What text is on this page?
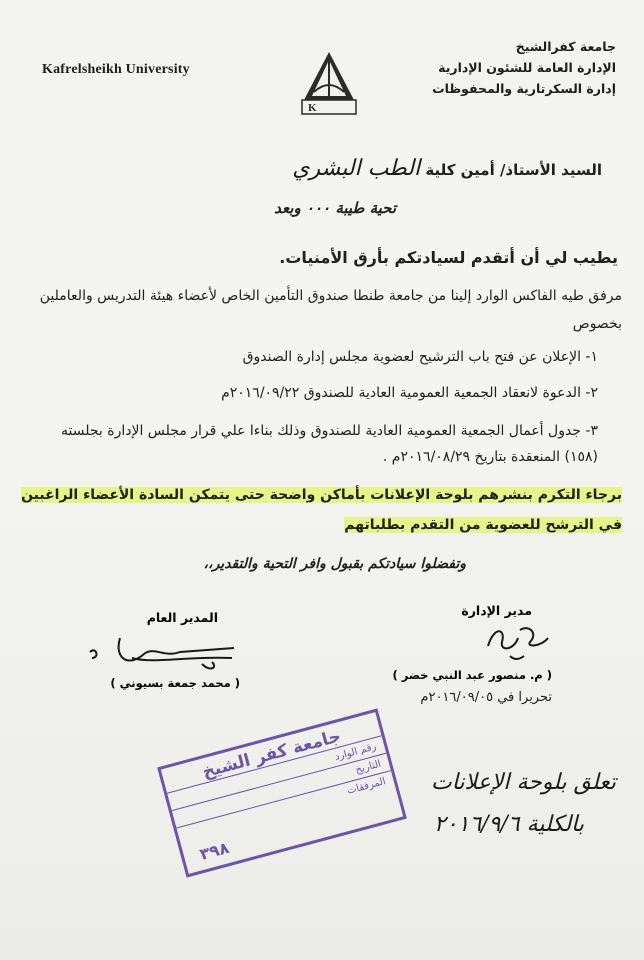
Kafrelsheikh University
K
جامعة كفرالشيخ
الإدارة العامة للشئون الإدارية
إدارة السكرتارية والمحفوظات
السيد الأستاذ/ أمين كلية الطب البشري
تحية طيبة ٠٠٠ وبعد
يطيب لي أن أتقدم لسيادتكم بأرق الأمنيات.
مرفق طيه الفاكس الوارد إلينا من جامعة طنطا صندوق التأمين الخاص لأعضاء هيئة التدريس والعاملين بخصوص
١- الإعلان عن فتح باب الترشيح لعضوية مجلس إدارة الصندوق
٢- الدعوة لانعقاد الجمعية العمومية العادية للصندوق ٢٠١٦/٠٩/٢٢م
٣- جدول أعمال الجمعية العمومية العادية للصندوق وذلك بناءا علي قرار مجلس الإدارة بجلسته (١٥٨) المنعقدة بتاريخ ٢٠١٦/٠٨/٢٩م .
برجاء التكرم بنشرهم بلوحة الإعلانات بأماكن واضحة حتى يتمكن السادة الأعضاء الراغبين في الترشح للعضوية من التقدم بطلباتهم
وتفضلوا سيادتكم بقبول وافر التحية والتقدير،،
مدير الإدارة
( م. منصور عبد النبي خضر )
تحريرا في ٢٠١٦/٠٩/٠٥م
المدير العام
( محمد جمعة بسيوني )
جامعة كفر الشيخ
رقم الوارد
التاريخ
المرفقات
٣٩٨
تعلق بلوحة الإعلانات
بالكلية ٢٠١٦/٩/٦
